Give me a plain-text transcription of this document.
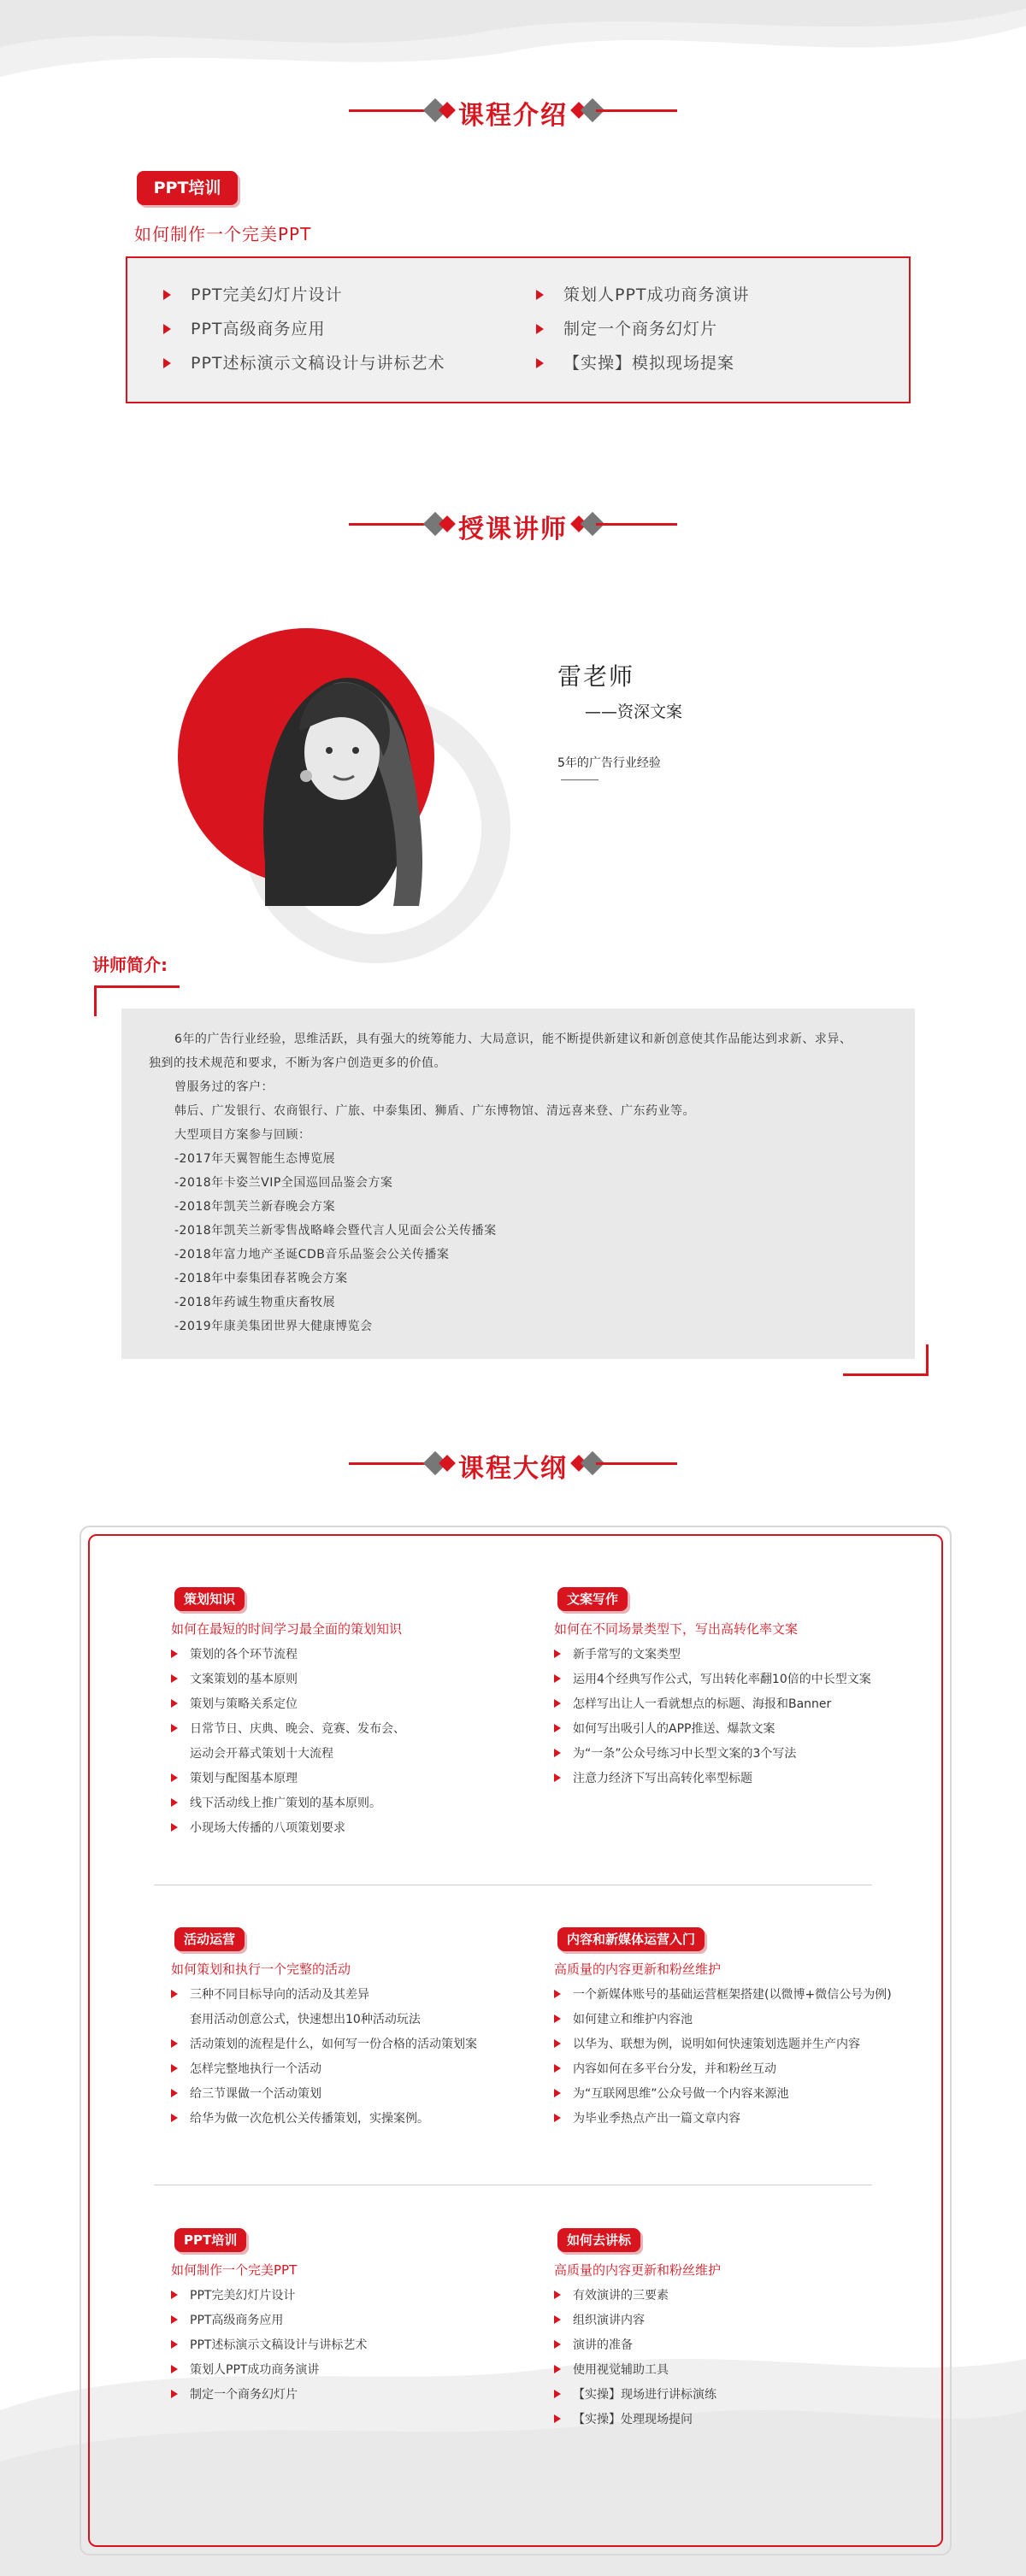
课程介绍
PPT培训
如何制作一个完美PPT
PPT完美幻灯片设计
PPT高级商务应用
PPT述标演示文稿设计与讲标艺术
策划人PPT成功商务演讲
制定一个商务幻灯片
【实操】模拟现场提案
授课讲师
雷老师
——资深文案
5年的广告行业经验
讲师简介:

6年的广告行业经验，思维活跃，具有强大的统筹能力、大局意识，能不断提供新建议和新创意使其作品能达到求新、求异、

独到的技术规范和要求，不断为客户创造更多的价值。

曾服务过的客户：

韩后、广发银行、农商银行、广旅、中泰集团、狮盾、广东博物馆、清远喜来登、广东药业等。

大型项目方案参与回顾：

-2017年天翼智能生态博览展

-2018年卡姿兰VIP全国巡回品鉴会方案

-2018年凯芙兰新春晚会方案

-2018年凯芙兰新零售战略峰会暨代言人见面会公关传播案

-2018年富力地产圣诞CDB音乐品鉴会公关传播案

-2018年中泰集团春茗晚会方案

-2018年药诚生物重庆畜牧展

-2019年康美集团世界大健康博览会

课程大纲
策划知识
如何在最短的时间学习最全面的策划知识
策划的各个环节流程
文案策划的基本原则
策划与策略关系定位
日常节日、庆典、晚会、竞赛、发布会、
运动会开幕式策划十大流程
策划与配图基本原理
线下活动线上推广策划的基本原则。
小现场大传播的八项策划要求
文案写作
如何在不同场景类型下，写出高转化率文案
新手常写的文案类型
运用4个经典写作公式，写出转化率翻10倍的中长型文案
怎样写出让人一看就想点的标题、海报和Banner
如何写出吸引人的APP推送、爆款文案
为“一条”公众号练习中长型文案的3个写法
注意力经济下写出高转化率型标题
活动运营
如何策划和执行一个完整的活动
三种不同目标导向的活动及其差异
套用活动创意公式，快速想出10种活动玩法
活动策划的流程是什么，如何写一份合格的活动策划案
怎样完整地执行一个活动
给三节课做一个活动策划
给华为做一次危机公关传播策划，实操案例。
内容和新媒体运营入门
高质量的内容更新和粉丝维护
一个新媒体账号的基础运营框架搭建(以微博+微信公号为例)
如何建立和维护内容池
以华为、联想为例，说明如何快速策划选题并生产内容
内容如何在多平台分发，并和粉丝互动
为“互联网思维”公众号做一个内容来源池
为毕业季热点产出一篇文章内容
PPT培训
如何制作一个完美PPT
PPT完美幻灯片设计
PPT高级商务应用
PPT述标演示文稿设计与讲标艺术
策划人PPT成功商务演讲
制定一个商务幻灯片
如何去讲标
高质量的内容更新和粉丝维护
有效演讲的三要素
组织演讲内容
演讲的准备
使用视觉辅助工具
【实操】现场进行讲标演练
【实操】处理现场提问
